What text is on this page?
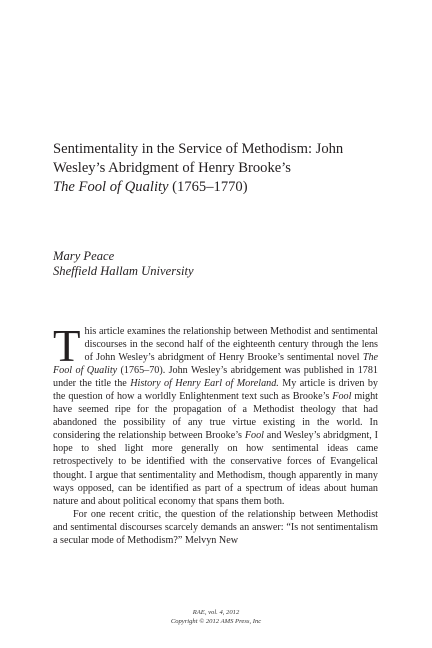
Sentimentality in the Service of Methodism: John
Wesley’s Abridgment of Henry Brooke’s
The Fool of Quality (1765–1770)
Mary Peace
Sheffield Hallam University

This article examines the relationship between Methodist and sentimental discourses in the second half of the eighteenth century through the lens of John Wesley’s abridgment of Henry Brooke’s sentimental novel The Fool of Quality (1765–70). John Wesley’s abridgement was published in 1781 under the title the History of Henry Earl of Moreland. My article is driven by the question of how a worldly Enlightenment text such as Brooke’s Fool might have seemed ripe for the propagation of a Methodist theology that had abandoned the possibility of any true virtue existing in the world. In considering the relationship between Brooke’s Fool and Wesley’s abridgment, I hope to shed light more generally on how sentimental ideas came retrospectively to be identified with the conservative forces of Evangelical thought. I argue that sentimentality and Methodism, though apparently in many ways opposed, can be identified as part of a spectrum of ideas about human nature and about political economy that spans them both.

For one recent critic, the question of the relationship between Methodist and sentimental discourses scarcely demands an answer: “Is not sentimentalism a secular mode of Methodism?” Melvyn New

RAE, vol. 4, 2012
Copyright © 2012 AMS Press, Inc
